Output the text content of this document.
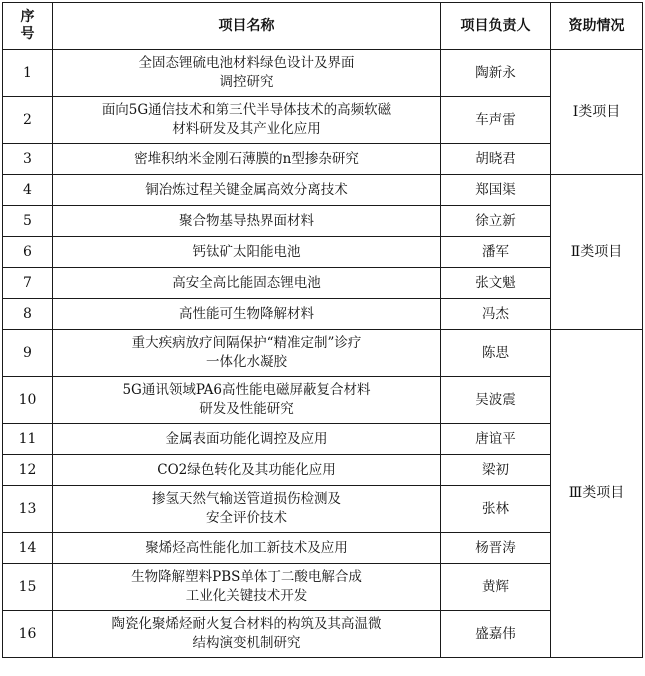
序号	项目名称	项目负责人	资助情况
1	全固态锂硫电池材料绿色设计及界面
调控研究	陶新永	Ⅰ类项目
2	面向5G通信技术和第三代半导体技术的高频软磁
材料研发及其产业化应用	车声雷	
3	密堆积纳米金刚石薄膜的n型掺杂研究	胡晓君	
4	铜冶炼过程关键金属高效分离技术	郑国渠	Ⅱ类项目
5	聚合物基导热界面材料	徐立新	
6	钙钛矿太阳能电池	潘军	
7	高安全高比能固态锂电池	张文魁	
8	高性能可生物降解材料	冯杰	
9	重大疾病放疗间隔保护“精准定制”诊疗
一体化水凝胶	陈思	Ⅲ类项目
10	5G通讯领域PA6高性能电磁屏蔽复合材料
研发及性能研究	吴波震	
11	金属表面功能化调控及应用	唐谊平	
12	CO2绿色转化及其功能化应用	梁初	
13	掺氢天然气输送管道损伤检测及
安全评价技术	张林	
14	聚烯烃高性能化加工新技术及应用	杨晋涛	
15	生物降解塑料PBS单体丁二酸电解合成
工业化关键技术开发	黄辉	
16	陶瓷化聚烯烃耐火复合材料的构筑及其高温微
结构演变机制研究	盛嘉伟	
